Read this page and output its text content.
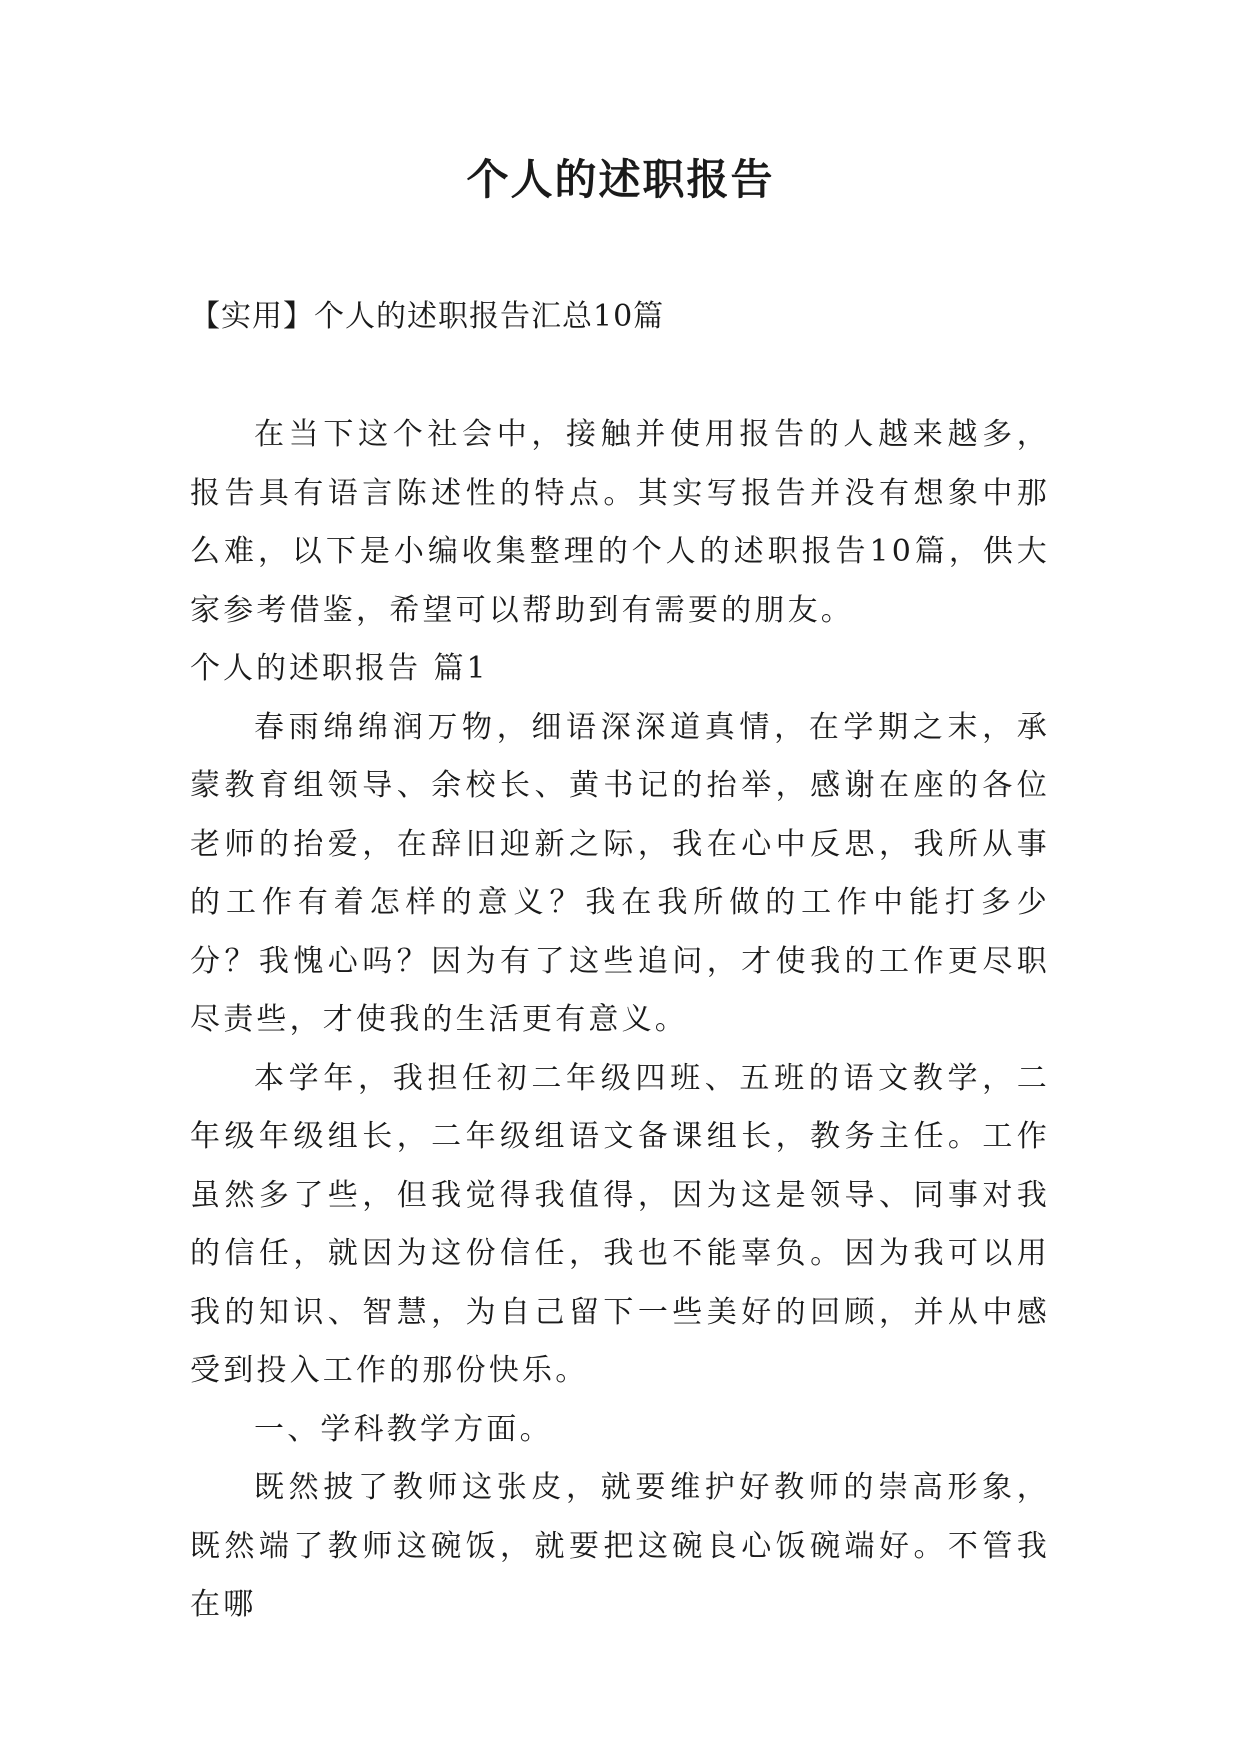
个人的述职报告

【实用】个人的述职报告汇总10篇

在当下这个社会中，接触并使用报告的人越来越多，报告具有语言陈述性的特点。其实写报告并没有想象中那么难，以下是小编收集整理的个人的述职报告10篇，供大家参考借鉴，希望可以帮助到有需要的朋友。

个人的述职报告 篇1

春雨绵绵润万物，细语深深道真情，在学期之末，承蒙教育组领导、余校长、黄书记的抬举，感谢在座的各位老师的抬爱，在辞旧迎新之际，我在心中反思，我所从事的工作有着怎样的意义？我在我所做的工作中能打多少分？我愧心吗？因为有了这些追问，才使我的工作更尽职尽责些，才使我的生活更有意义。

本学年，我担任初二年级四班、五班的语文教学，二年级年级组长，二年级组语文备课组长，教务主任。工作虽然多了些，但我觉得我值得，因为这是领导、同事对我的信任，就因为这份信任，我也不能辜负。因为我可以用我的知识、智慧，为自己留下一些美好的回顾，并从中感受到投入工作的那份快乐。

一、学科教学方面。

既然披了教师这张皮，就要维护好教师的崇高形象，既然端了教师这碗饭，就要把这碗良心饭碗端好。不管我在哪
